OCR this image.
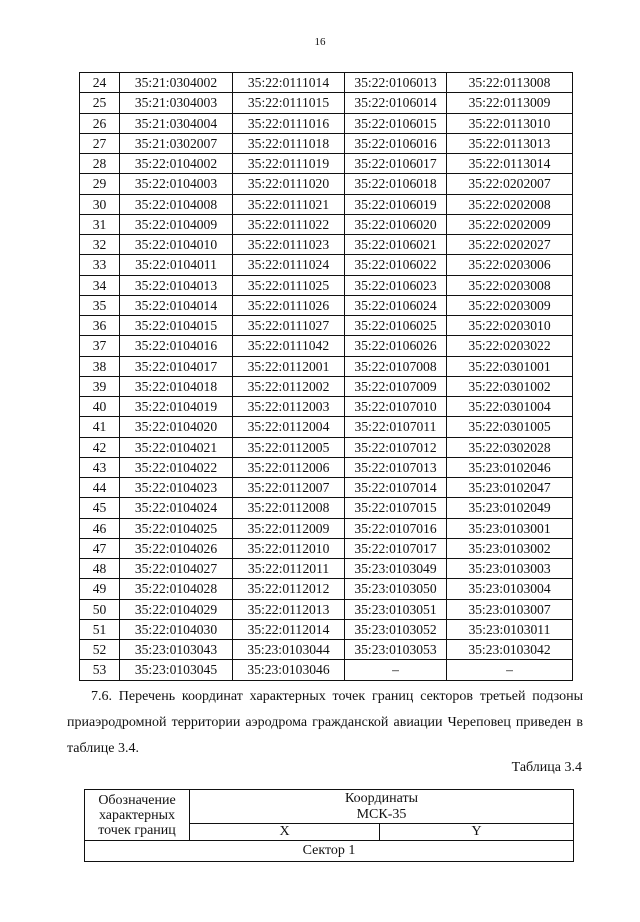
16
24	35:21:0304002	35:22:0111014	35:22:0106013	35:22:0113008
25	35:21:0304003	35:22:0111015	35:22:0106014	35:22:0113009
26	35:21:0304004	35:22:0111016	35:22:0106015	35:22:0113010
27	35:21:0302007	35:22:0111018	35:22:0106016	35:22:0113013
28	35:22:0104002	35:22:0111019	35:22:0106017	35:22:0113014
29	35:22:0104003	35:22:0111020	35:22:0106018	35:22:0202007
30	35:22:0104008	35:22:0111021	35:22:0106019	35:22:0202008
31	35:22:0104009	35:22:0111022	35:22:0106020	35:22:0202009
32	35:22:0104010	35:22:0111023	35:22:0106021	35:22:0202027
33	35:22:0104011	35:22:0111024	35:22:0106022	35:22:0203006
34	35:22:0104013	35:22:0111025	35:22:0106023	35:22:0203008
35	35:22:0104014	35:22:0111026	35:22:0106024	35:22:0203009
36	35:22:0104015	35:22:0111027	35:22:0106025	35:22:0203010
37	35:22:0104016	35:22:0111042	35:22:0106026	35:22:0203022
38	35:22:0104017	35:22:0112001	35:22:0107008	35:22:0301001
39	35:22:0104018	35:22:0112002	35:22:0107009	35:22:0301002
40	35:22:0104019	35:22:0112003	35:22:0107010	35:22:0301004
41	35:22:0104020	35:22:0112004	35:22:0107011	35:22:0301005
42	35:22:0104021	35:22:0112005	35:22:0107012	35:22:0302028
43	35:22:0104022	35:22:0112006	35:22:0107013	35:23:0102046
44	35:22:0104023	35:22:0112007	35:22:0107014	35:23:0102047
45	35:22:0104024	35:22:0112008	35:22:0107015	35:23:0102049
46	35:22:0104025	35:22:0112009	35:22:0107016	35:23:0103001
47	35:22:0104026	35:22:0112010	35:22:0107017	35:23:0103002
48	35:22:0104027	35:22:0112011	35:23:0103049	35:23:0103003
49	35:22:0104028	35:22:0112012	35:23:0103050	35:23:0103004
50	35:22:0104029	35:22:0112013	35:23:0103051	35:23:0103007
51	35:22:0104030	35:22:0112014	35:23:0103052	35:23:0103011
52	35:23:0103043	35:23:0103044	35:23:0103053	35:23:0103042
53	35:23:0103045	35:23:0103046	–	–
7.6. Перечень координат характерных точек границ секторов третьей подзоны приаэродромной территории аэродрома гражданской авиации Череповец приведен в таблице 3.4.
Таблица 3.4
Обозначение характерных точек границ	Координаты
МСК-35	

	X	Y
Сектор 1		
